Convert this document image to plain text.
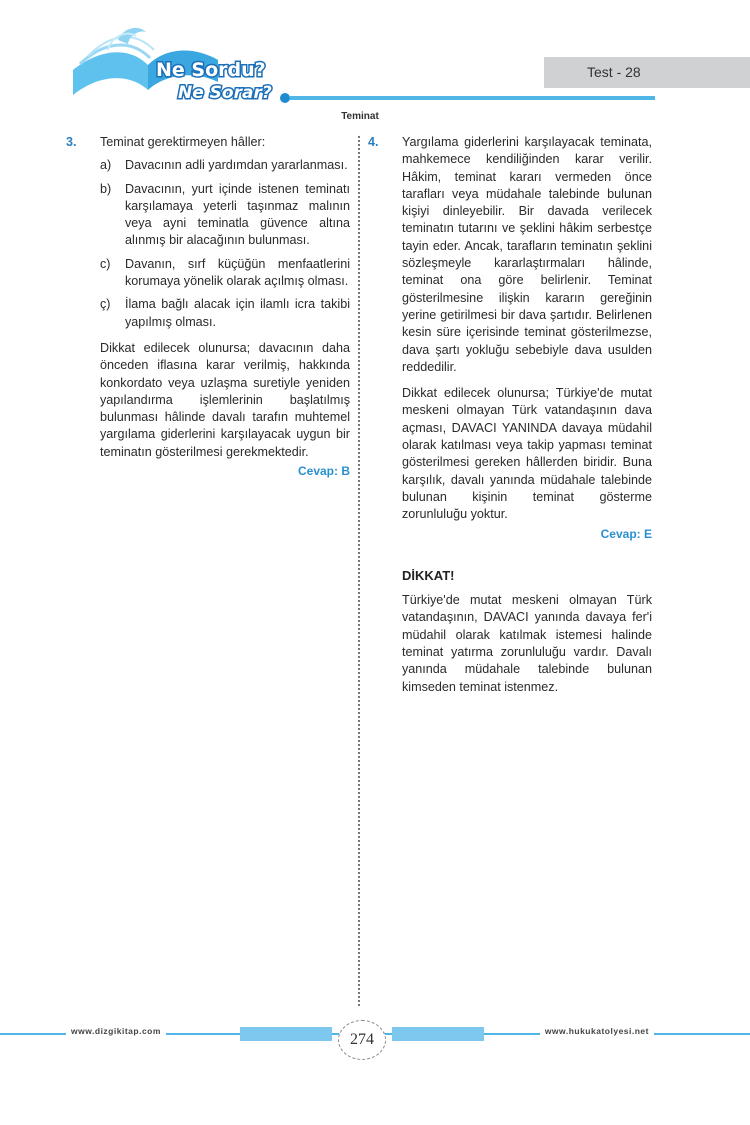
Ne Sordu?
Ne Sorar?
Test - 28
Teminat
3.	Teminat gerektirmeyen hâller:
a)	Davacının adli yardımdan yararlanması.
b)	Davacının, yurt içinde istenen teminatı karşılamaya yeterli taşınmaz malının veya ayni teminatla güvence altına alınmış bir alacağının bulunması.
c)	Davanın, sırf küçüğün menfaatlerini korumaya yönelik olarak açılmış olması.
ç)	İlama bağlı alacak için ilamlı icra takibi yapılmış olması.
Dikkat edilecek olunursa; davacının daha önceden iflasına karar verilmiş, hakkında konkordato veya uzlaşma suretiyle yeniden yapılandırma işlemlerinin başlatılmış bulunması hâlinde davalı tarafın muhtemel yargılama giderlerini karşılayacak uygun bir teminatın gösterilmesi gerekmektedir.
Cevap: B
4.	Yargılama giderlerini karşılayacak teminata, mahkemece kendiliğinden karar verilir. Hâkim, teminat kararı vermeden önce tarafları veya müdahale talebinde bulunan kişiyi dinleyebilir. Bir davada verilecek teminatın tutarını ve şeklini hâkim serbestçe tayin eder. Ancak, tarafların teminatın şeklini sözleşmeyle kararlaştırmaları hâlinde, teminat ona göre belirlenir. Teminat gösterilmesine ilişkin kararın gereğinin yerine getirilmesi bir dava şartıdır. Belirlenen kesin süre içerisinde teminat gösterilmezse, dava şartı yokluğu sebebiyle dava usulden reddedilir.
Dikkat edilecek olunursa; Türkiye'de mutat meskeni olmayan Türk vatandaşının dava açması, DAVACI YANINDA davaya müdahil olarak katılması veya takip yapması teminat gösterilmesi gereken hâllerden biridir. Buna karşılık, davalı yanında müdahale talebinde bulunan kişinin teminat gösterme zorunluluğu yoktur.
Cevap: E
DİKKAT!
Türkiye'de mutat meskeni olmayan Türk vatandaşının, DAVACI yanında davaya fer'i müdahil olarak katılmak istemesi halinde teminat yatırma zorunluluğu vardır. Davalı yanında müdahale talebinde bulunan kimseden teminat istenmez.
www.dizgikitap.com	www.hukukatolyesi.net
274
